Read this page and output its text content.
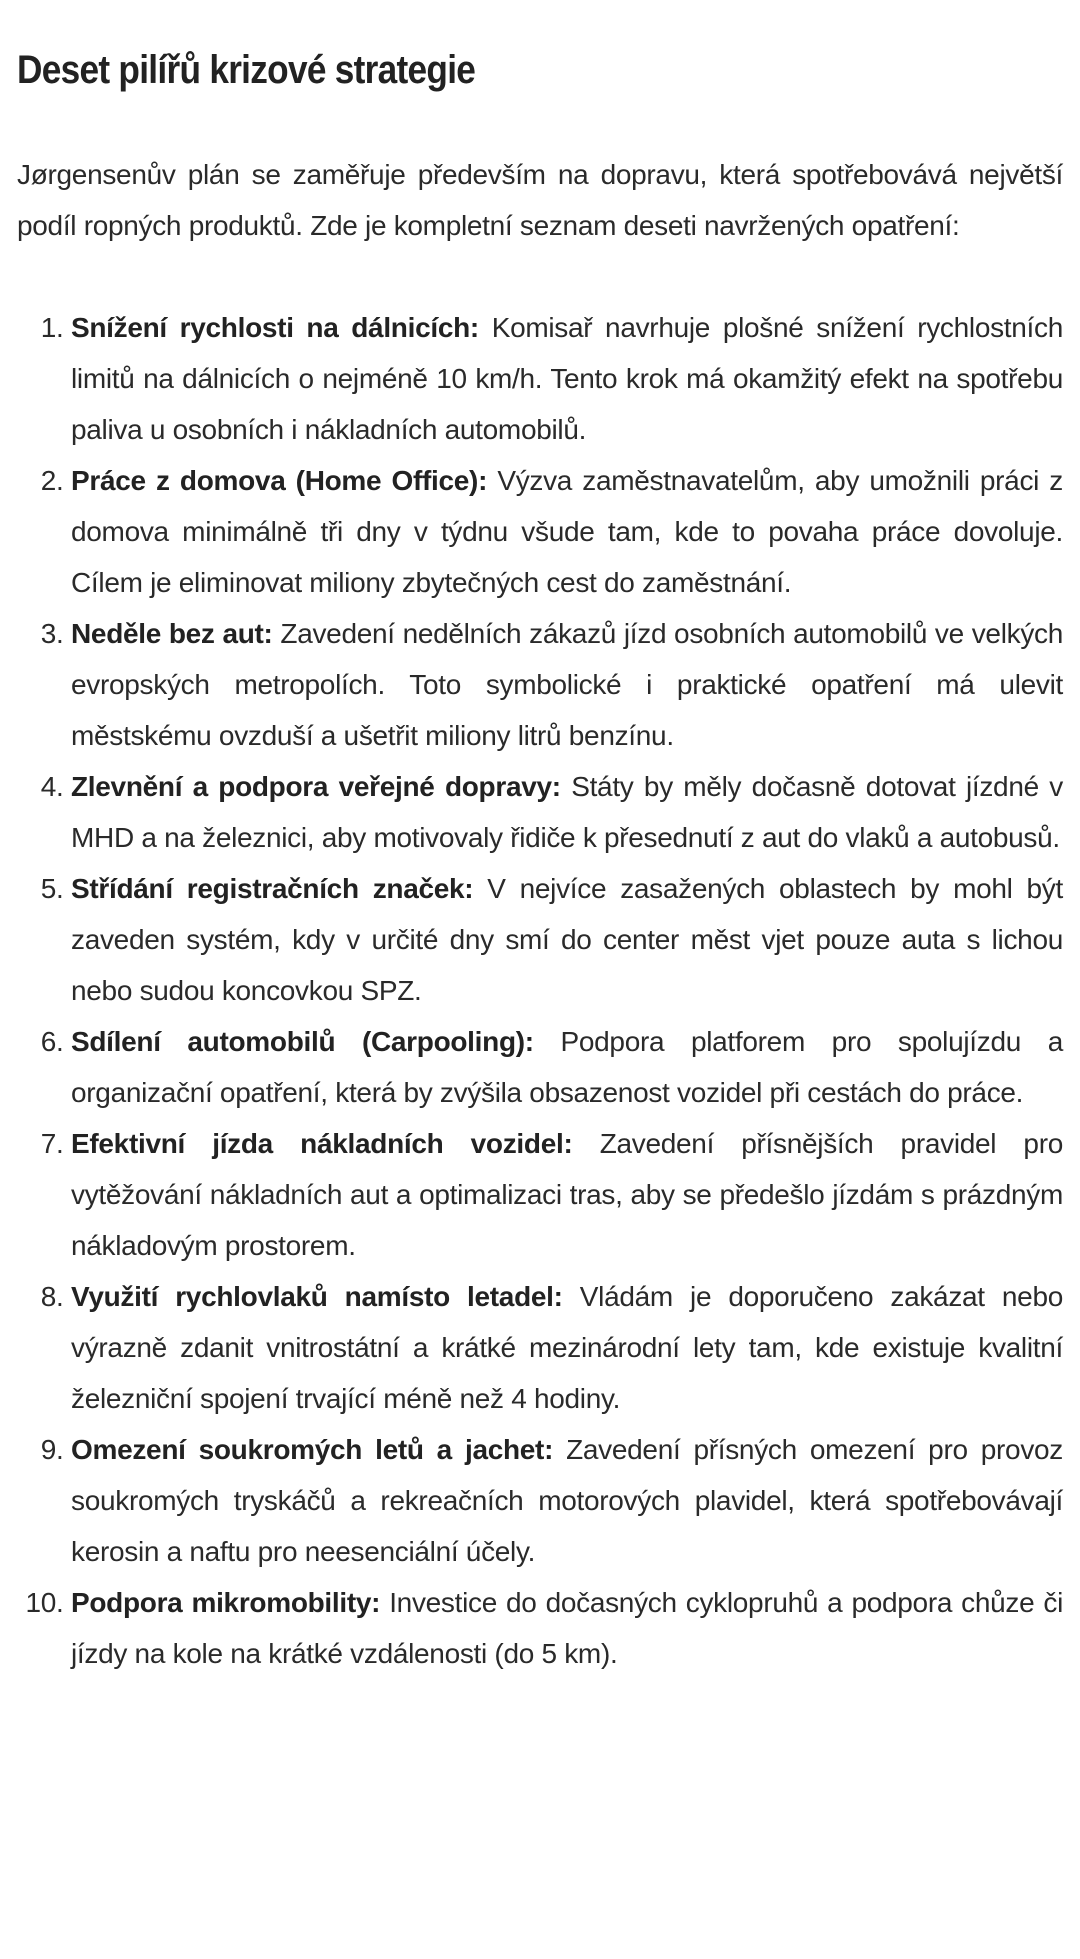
Deset pilířů krizové strategie

Jørgensenův plán se zaměřuje především na dopravu, která spotřebovává největší podíl ropných produktů. Zde je kompletní seznam deseti navržených opatření:

1. Snížení rychlosti na dálnicích: Komisař navrhuje plošné snížení rychlostních limitů na dálnicích o nejméně 10 km/h. Tento krok má okamžitý efekt na spotřebu paliva u osobních i nákladních automobilů.
2. Práce z domova (Home Office): Výzva zaměstnavatelům, aby umožnili práci z domova minimálně tři dny v týdnu všude tam, kde to povaha práce dovoluje. Cílem je eliminovat miliony zbytečných cest do zaměstnání.
3. Neděle bez aut: Zavedení nedělních zákazů jízd osobních automobilů ve velkých evropských metropolích. Toto symbolické i praktické opatření má ulevit městskému ovzduší a ušetřit miliony litrů benzínu.
4. Zlevnění a podpora veřejné dopravy: Státy by měly dočasně dotovat jízdné v MHD a na železnici, aby motivovaly řidiče k přesednutí z aut do vlaků a autobusů.
5. Střídání registračních značek: V nejvíce zasažených oblastech by mohl být zaveden systém, kdy v určité dny smí do center měst vjet pouze auta s lichou nebo sudou koncovkou SPZ.
6. Sdílení automobilů (Carpooling): Podpora platforem pro spolujízdu a organizační opatření, která by zvýšila obsazenost vozidel při cestách do práce.
7. Efektivní jízda nákladních vozidel: Zavedení přísnějších pravidel pro vytěžování nákladních aut a optimalizaci tras, aby se předešlo jízdám s prázdným nákladovým prostorem.
8. Využití rychlovlaků namísto letadel: Vládám je doporučeno zakázat nebo výrazně zdanit vnitrostátní a krátké mezinárodní lety tam, kde existuje kvalitní železniční spojení trvající méně než 4 hodiny.
9. Omezení soukromých letů a jachet: Zavedení přísných omezení pro provoz soukromých tryskáčů a rekreačních motorových plavidel, která spotřebovávají kerosin a naftu pro neesenciální účely.
10. Podpora mikromobility: Investice do dočasných cyklopruhů a podpora chůze či jízdy na kole na krátké vzdálenosti (do 5 km).
